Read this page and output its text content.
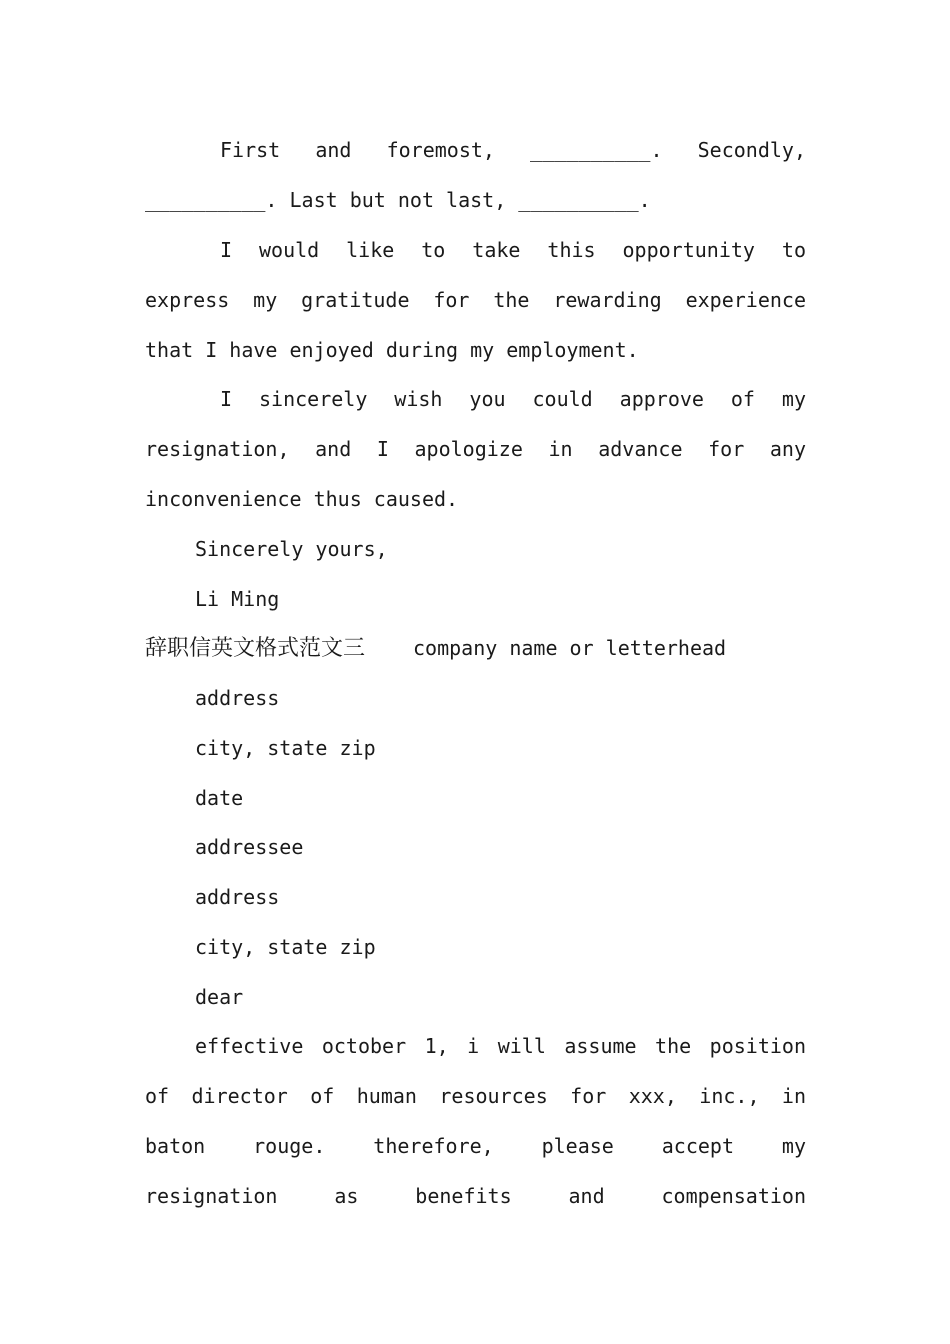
First and foremost, __________. Secondly,
__________. Last but not last, __________.
I would like to take this opportunity to
express my gratitude for the rewarding experience
that I have enjoyed during my employment.
I sincerely wish you could approve of my
resignation, and I apologize in advance for any
inconvenience thus caused.
Sincerely yours,
Li Ming
辞职信英文格式范文三 company name or letterhead
address
city, state zip
date
addressee
address
city, state zip
dear
effective october 1, i will assume the position
of director of human resources for xxx, inc., in
baton rouge. therefore, please accept my
resignation as benefits and compensation
